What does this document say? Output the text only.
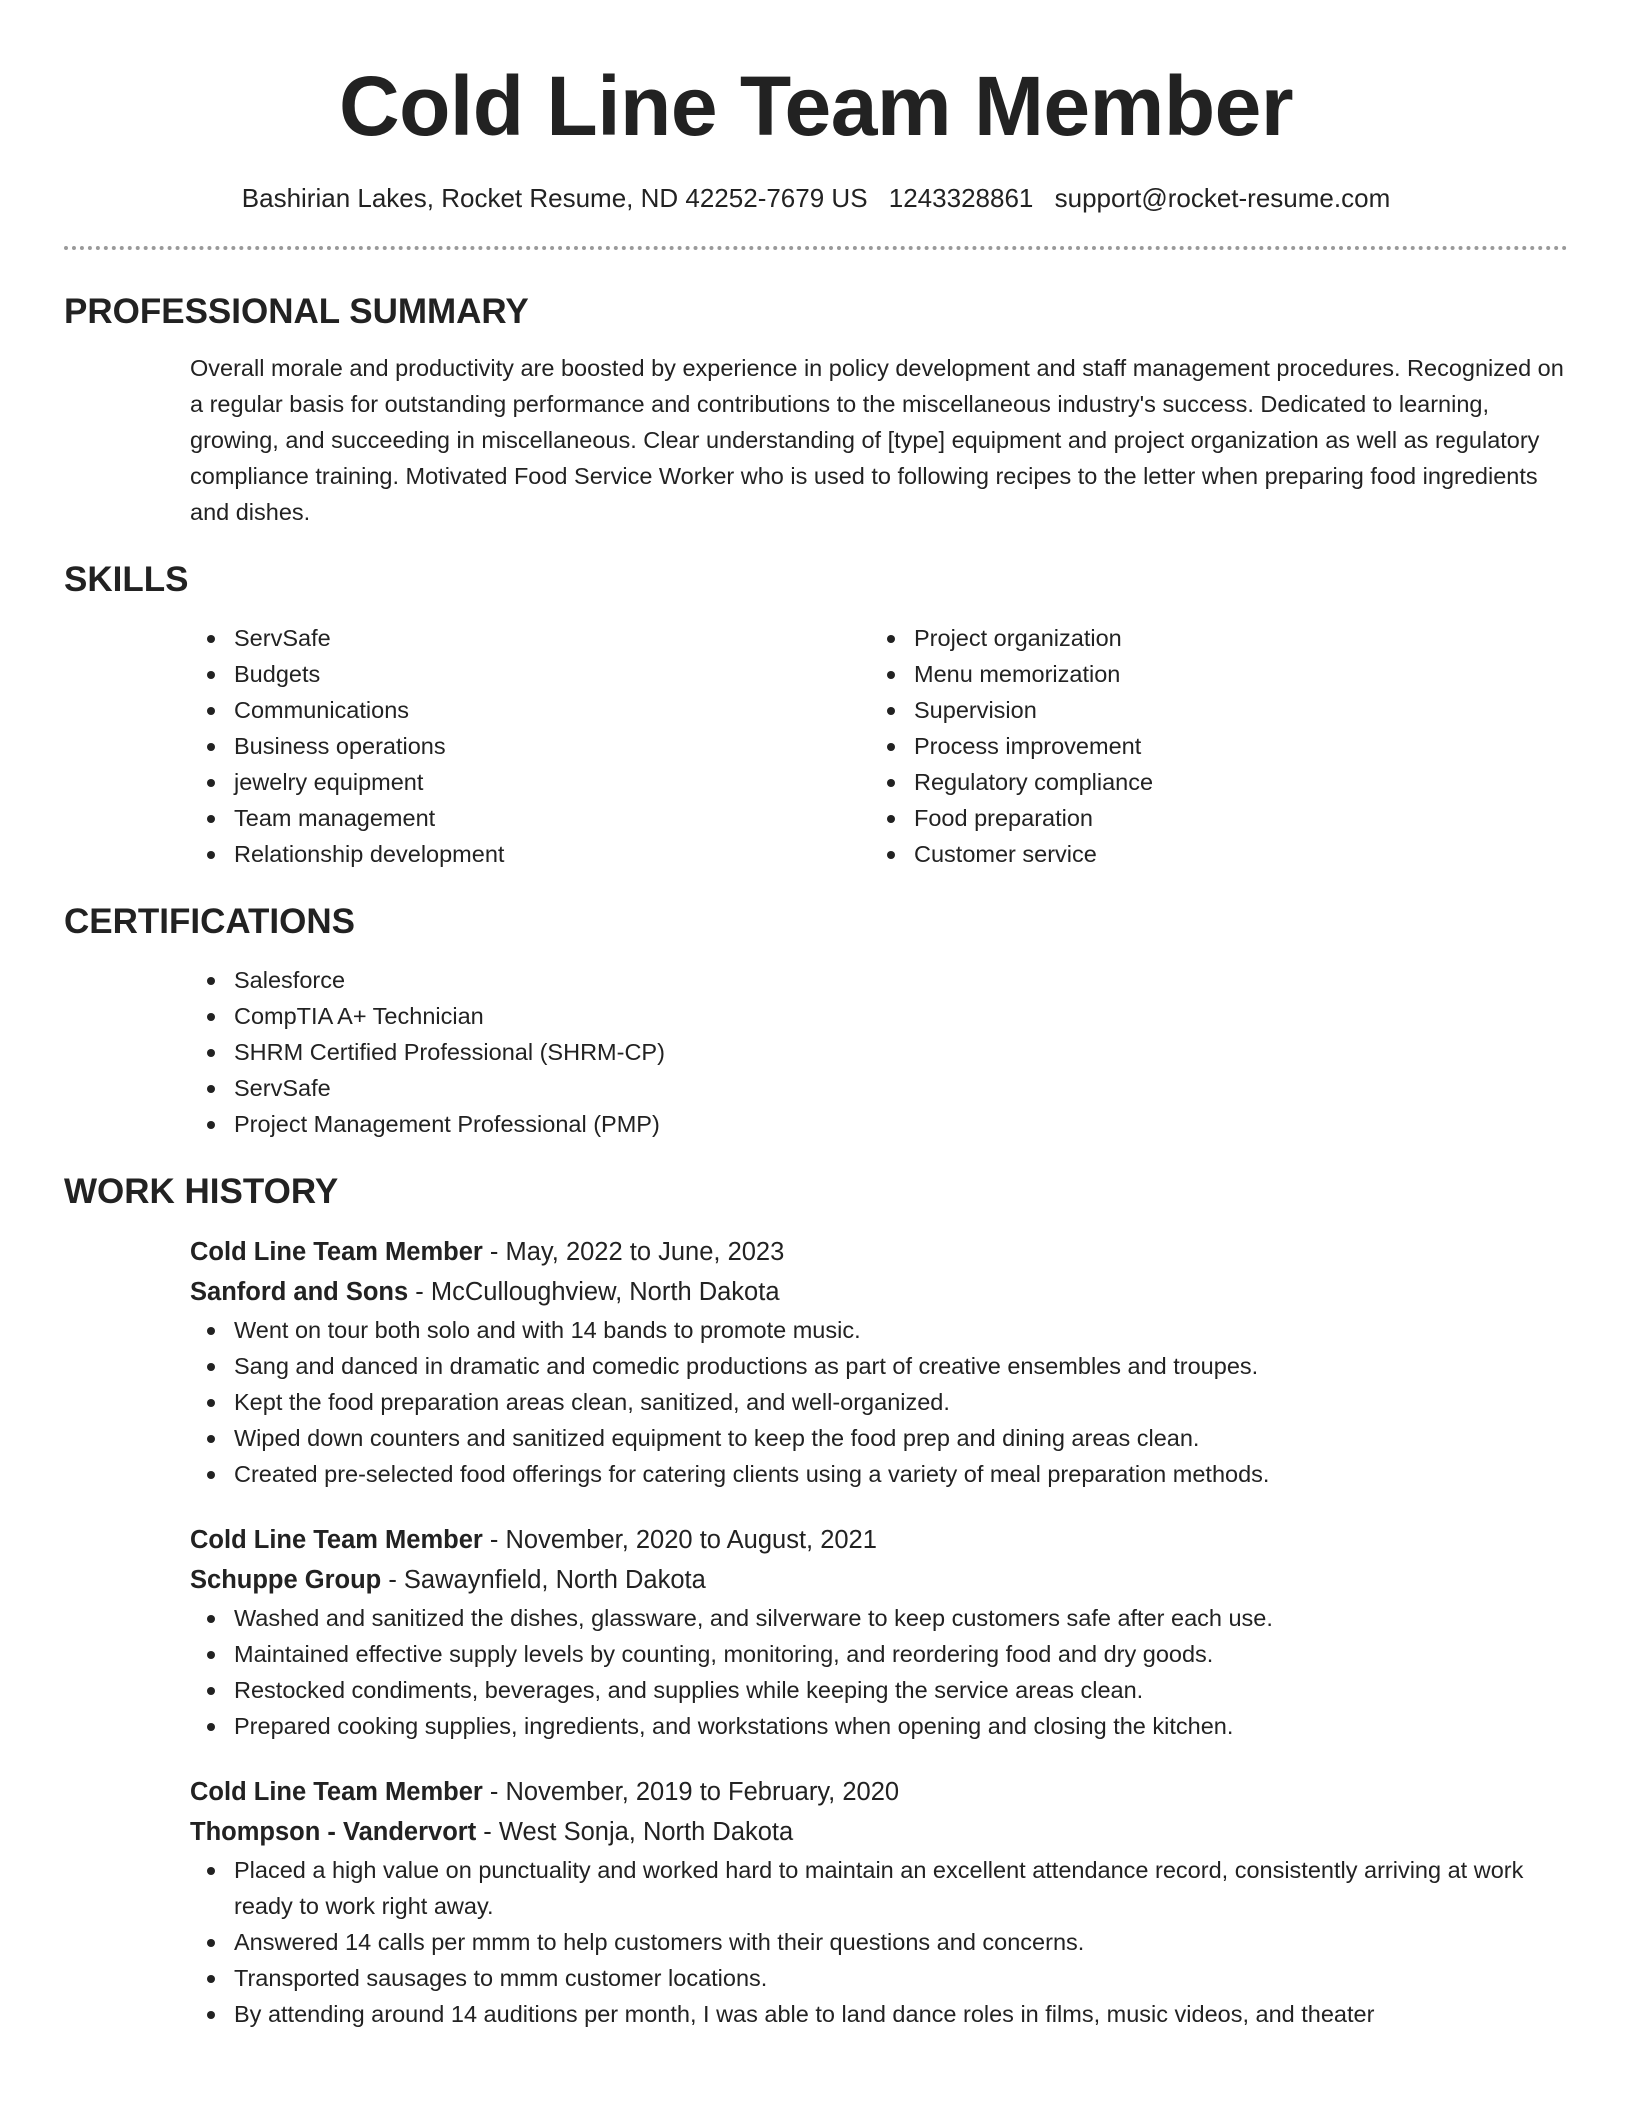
Cold Line Team Member
Bashirian Lakes, Rocket Resume, ND 42252-7679 US 1243328861 support@rocket-resume.com
PROFESSIONAL SUMMARY
Overall morale and productivity are boosted by experience in policy development and staff management procedures. Recognized on a regular basis for outstanding performance and contributions to the miscellaneous industry's success. Dedicated to learning, growing, and succeeding in miscellaneous. Clear understanding of [type] equipment and project organization as well as regulatory compliance training. Motivated Food Service Worker who is used to following recipes to the letter when preparing food ingredients and dishes.
SKILLS
ServSafe
Budgets
Communications
Business operations
jewelry equipment
Team management
Relationship development
Project organization
Menu memorization
Supervision
Process improvement
Regulatory compliance
Food preparation
Customer service
CERTIFICATIONS
Salesforce
CompTIA A+ Technician
SHRM Certified Professional (SHRM-CP)
ServSafe
Project Management Professional (PMP)
WORK HISTORY
Cold Line Team Member - May, 2022 to June, 2023
Sanford and Sons - McCulloughview, North Dakota
Went on tour both solo and with 14 bands to promote music.
Sang and danced in dramatic and comedic productions as part of creative ensembles and troupes.
Kept the food preparation areas clean, sanitized, and well-organized.
Wiped down counters and sanitized equipment to keep the food prep and dining areas clean.
Created pre-selected food offerings for catering clients using a variety of meal preparation methods.
Cold Line Team Member - November, 2020 to August, 2021
Schuppe Group - Sawaynfield, North Dakota
Washed and sanitized the dishes, glassware, and silverware to keep customers safe after each use.
Maintained effective supply levels by counting, monitoring, and reordering food and dry goods.
Restocked condiments, beverages, and supplies while keeping the service areas clean.
Prepared cooking supplies, ingredients, and workstations when opening and closing the kitchen.
Cold Line Team Member - November, 2019 to February, 2020
Thompson - Vandervort - West Sonja, North Dakota
Placed a high value on punctuality and worked hard to maintain an excellent attendance record, consistently arriving at work ready to work right away.
Answered 14 calls per mmm to help customers with their questions and concerns.
Transported sausages to mmm customer locations.
By attending around 14 auditions per month, I was able to land dance roles in films, music videos, and theater
